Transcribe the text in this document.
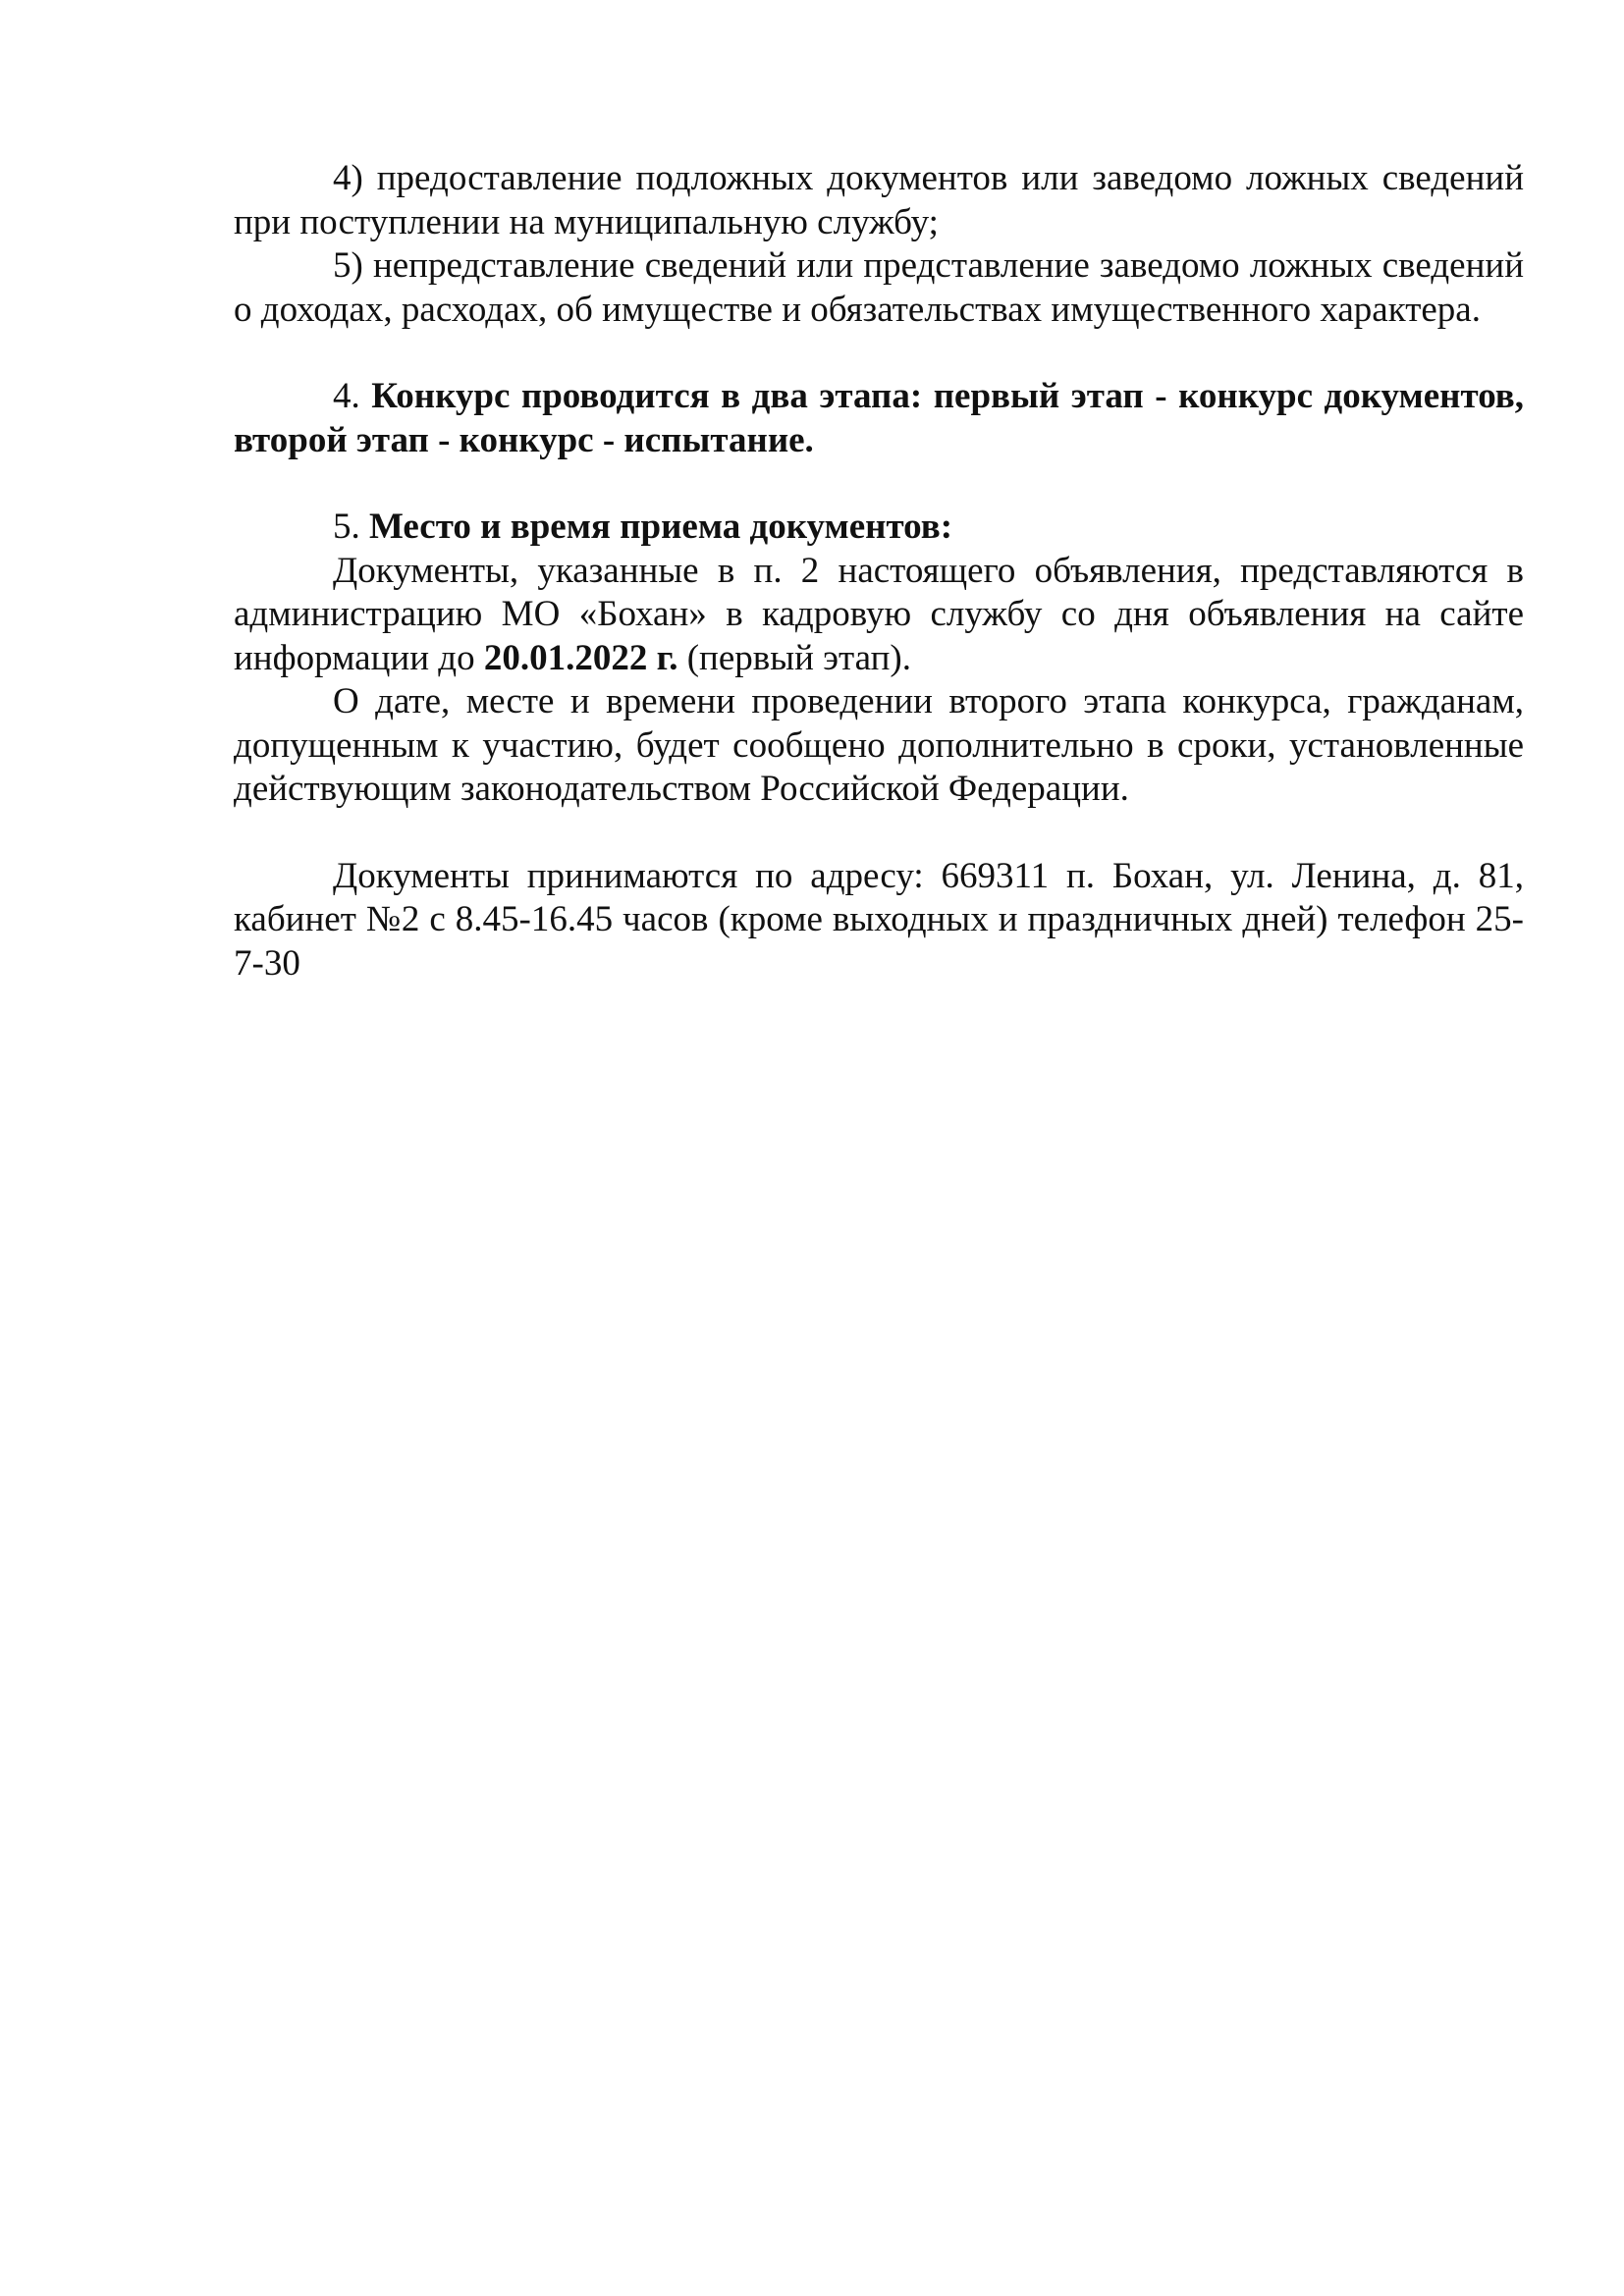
4) предоставление подложных документов или заведомо ложных сведений при поступлении на муниципальную службу;

5) непредставление сведений или представление заведомо ложных сведений о доходах, расходах, об имуществе и обязательствах имущественного характера.

4. Конкурс проводится в два этапа: первый этап - конкурс документов, второй этап - конкурс - испытание.

5. Место и время приема документов:

Документы, указанные в п. 2 настоящего объявления, представляются в администрацию МО «Бохан» в кадровую службу со дня объявления на сайте информации до 20.01.2022 г. (первый этап).

О дате, месте и времени проведении второго этапа конкурса, гражданам, допущенным к участию, будет сообщено дополнительно в сроки, установленные действующим законодательством Российской Федерации.

Документы принимаются по адресу: 669311 п. Бохан, ул. Ленина, д. 81, кабинет №2 с 8.45-16.45 часов (кроме выходных и праздничных дней) телефон 25-7-30
